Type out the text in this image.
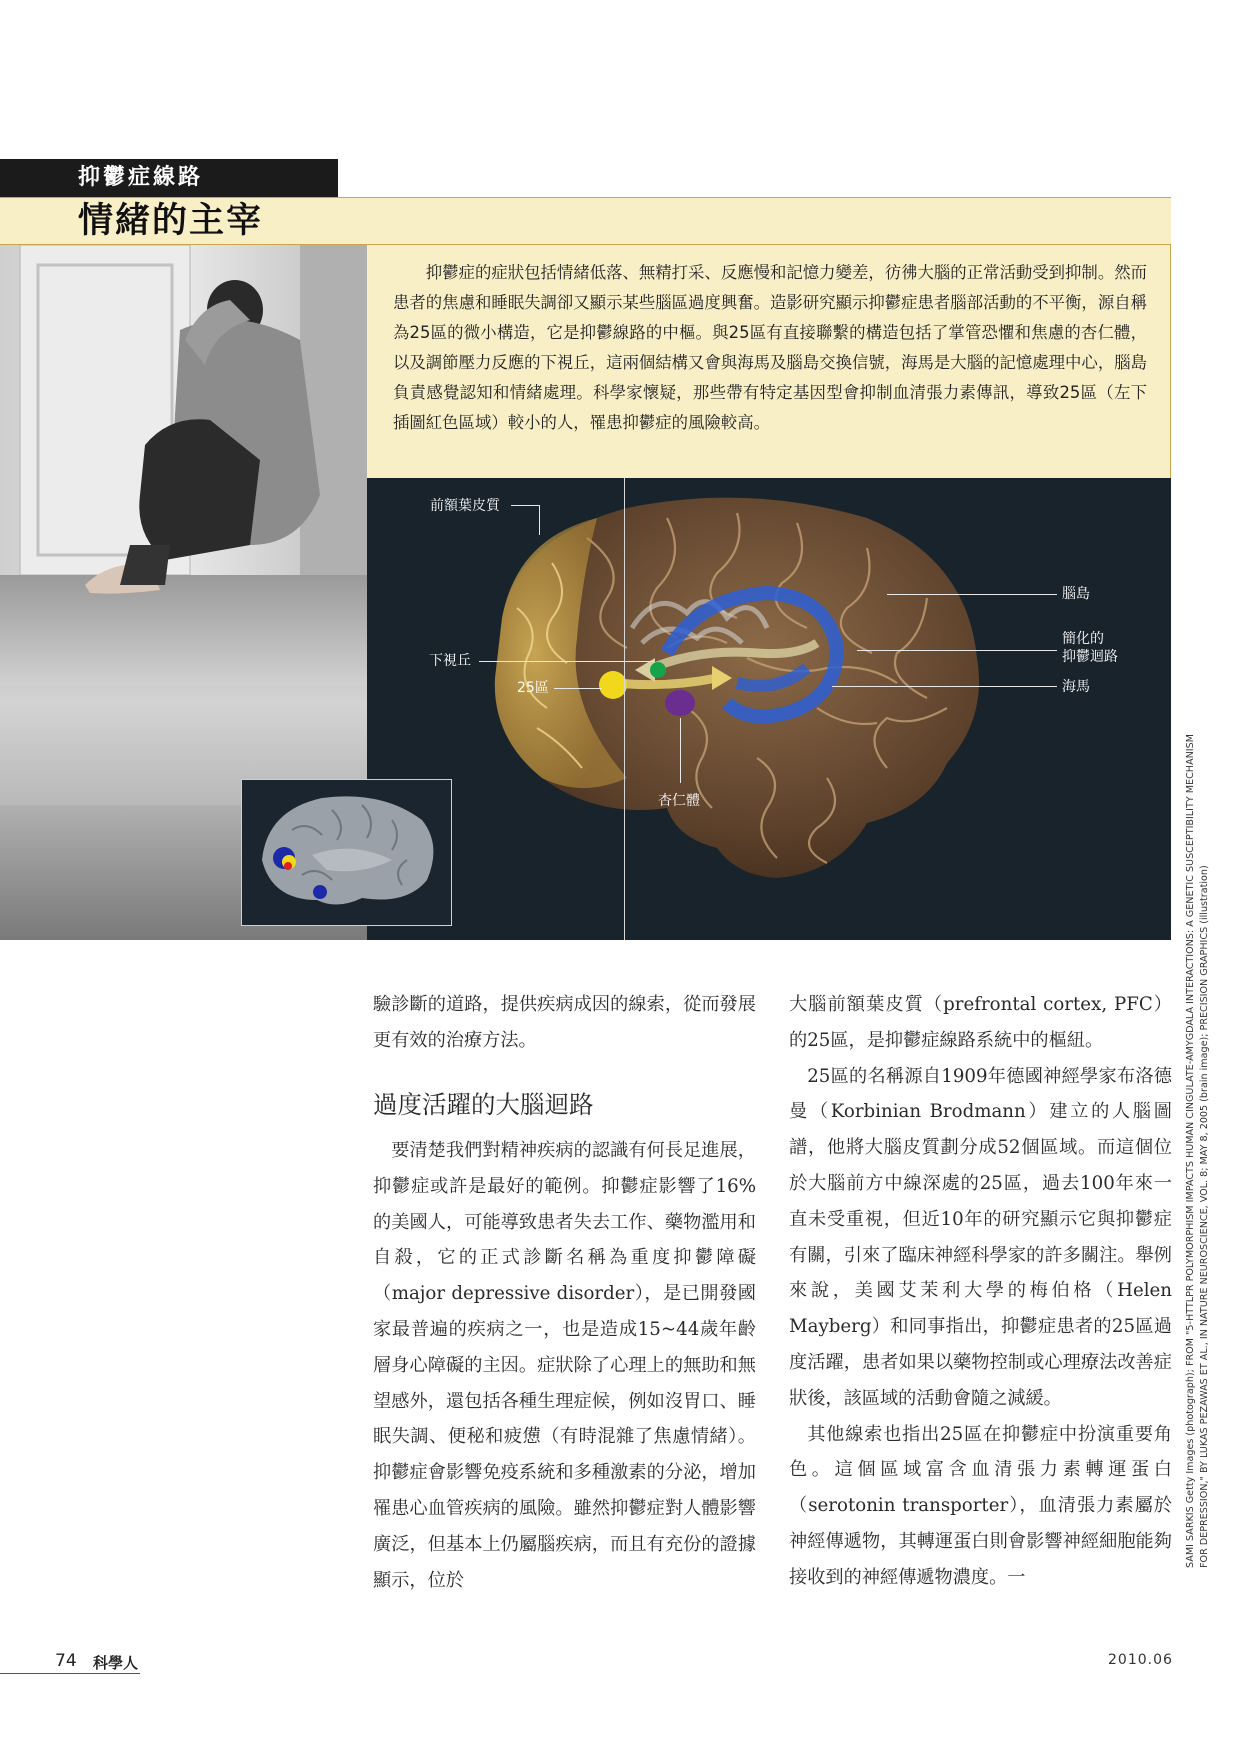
抑鬱症線路
情緒的主宰
抑鬱症的症狀包括情緒低落、無精打采、反應慢和記憶力變差，彷彿大腦的正常活動受到抑制。然而患者的焦慮和睡眠失調卻又顯示某些腦區過度興奮。造影研究顯示抑鬱症患者腦部活動的不平衡，源自稱為25區的微小構造，它是抑鬱線路的中樞。與25區有直接聯繫的構造包括了掌管恐懼和焦慮的杏仁體，以及調節壓力反應的下視丘，這兩個結構又會與海馬及腦島交換信號，海馬是大腦的記憶處理中心，腦島負責感覺認知和情緒處理。科學家懷疑，那些帶有特定基因型會抑制血清張力素傳訊，導致25區（左下插圖紅色區域）較小的人，罹患抑鬱症的風險較高。
前額葉皮質
腦島
簡化的
抑鬱迴路
下視丘
海馬
25區
杏仁體

驗診斷的道路，提供疾病成因的線索，從而發展更有效的治療方法。

過度活躍的大腦迴路

要清楚我們對精神疾病的認識有何長足進展，抑鬱症或許是最好的範例。抑鬱症影響了16%的美國人，可能導致患者失去工作、藥物濫用和自殺，它的正式診斷名稱為重度抑鬱障礙（major depressive disorder），是已開發國家最普遍的疾病之一，也是造成15~44歲年齡層身心障礙的主因。症狀除了心理上的無助和無望感外，還包括各種生理症候，例如沒胃口、睡眠失調、便秘和疲憊（有時混雜了焦慮情緒）。抑鬱症會影響免疫系統和多種激素的分泌，增加罹患心血管疾病的風險。雖然抑鬱症對人體影響廣泛，但基本上仍屬腦疾病，而且有充份的證據顯示，位於

大腦前額葉皮質（prefrontal cortex, PFC）的25區，是抑鬱症線路系統中的樞紐。

25區的名稱源自1909年德國神經學家布洛德曼（Korbinian Brodmann）建立的人腦圖譜，他將大腦皮質劃分成52個區域。而這個位於大腦前方中線深處的25區，過去100年來一直未受重視，但近10年的研究顯示它與抑鬱症有關，引來了臨床神經科學家的許多關注。舉例來說，美國艾茉利大學的梅伯格（Helen Mayberg）和同事指出，抑鬱症患者的25區過度活躍，患者如果以藥物控制或心理療法改善症狀後，該區域的活動會隨之減緩。

其他線索也指出25區在抑鬱症中扮演重要角色。這個區域富含血清張力素轉運蛋白（serotonin transporter），血清張力素屬於神經傳遞物，其轉運蛋白則會影響神經細胞能夠接收到的神經傳遞物濃度。一

SAMI SARKIS Getty Images (photograph); FROM "5-HTTLPR POLYMORPHISM IMPACTS HUMAN CINGULATE-AMYGDALA INTERACTIONS: A GENETIC SUSCEPTIBILITY MECHANISM FOR DEPRESSION," BY LUKAS PEZAWAS ET AL., IN NATURE NEUROSCIENCE, VOL. 8; MAY 8, 2005 (brain image); PRECISION GRAPHICS (illustration)
74 科學人	2010.06
